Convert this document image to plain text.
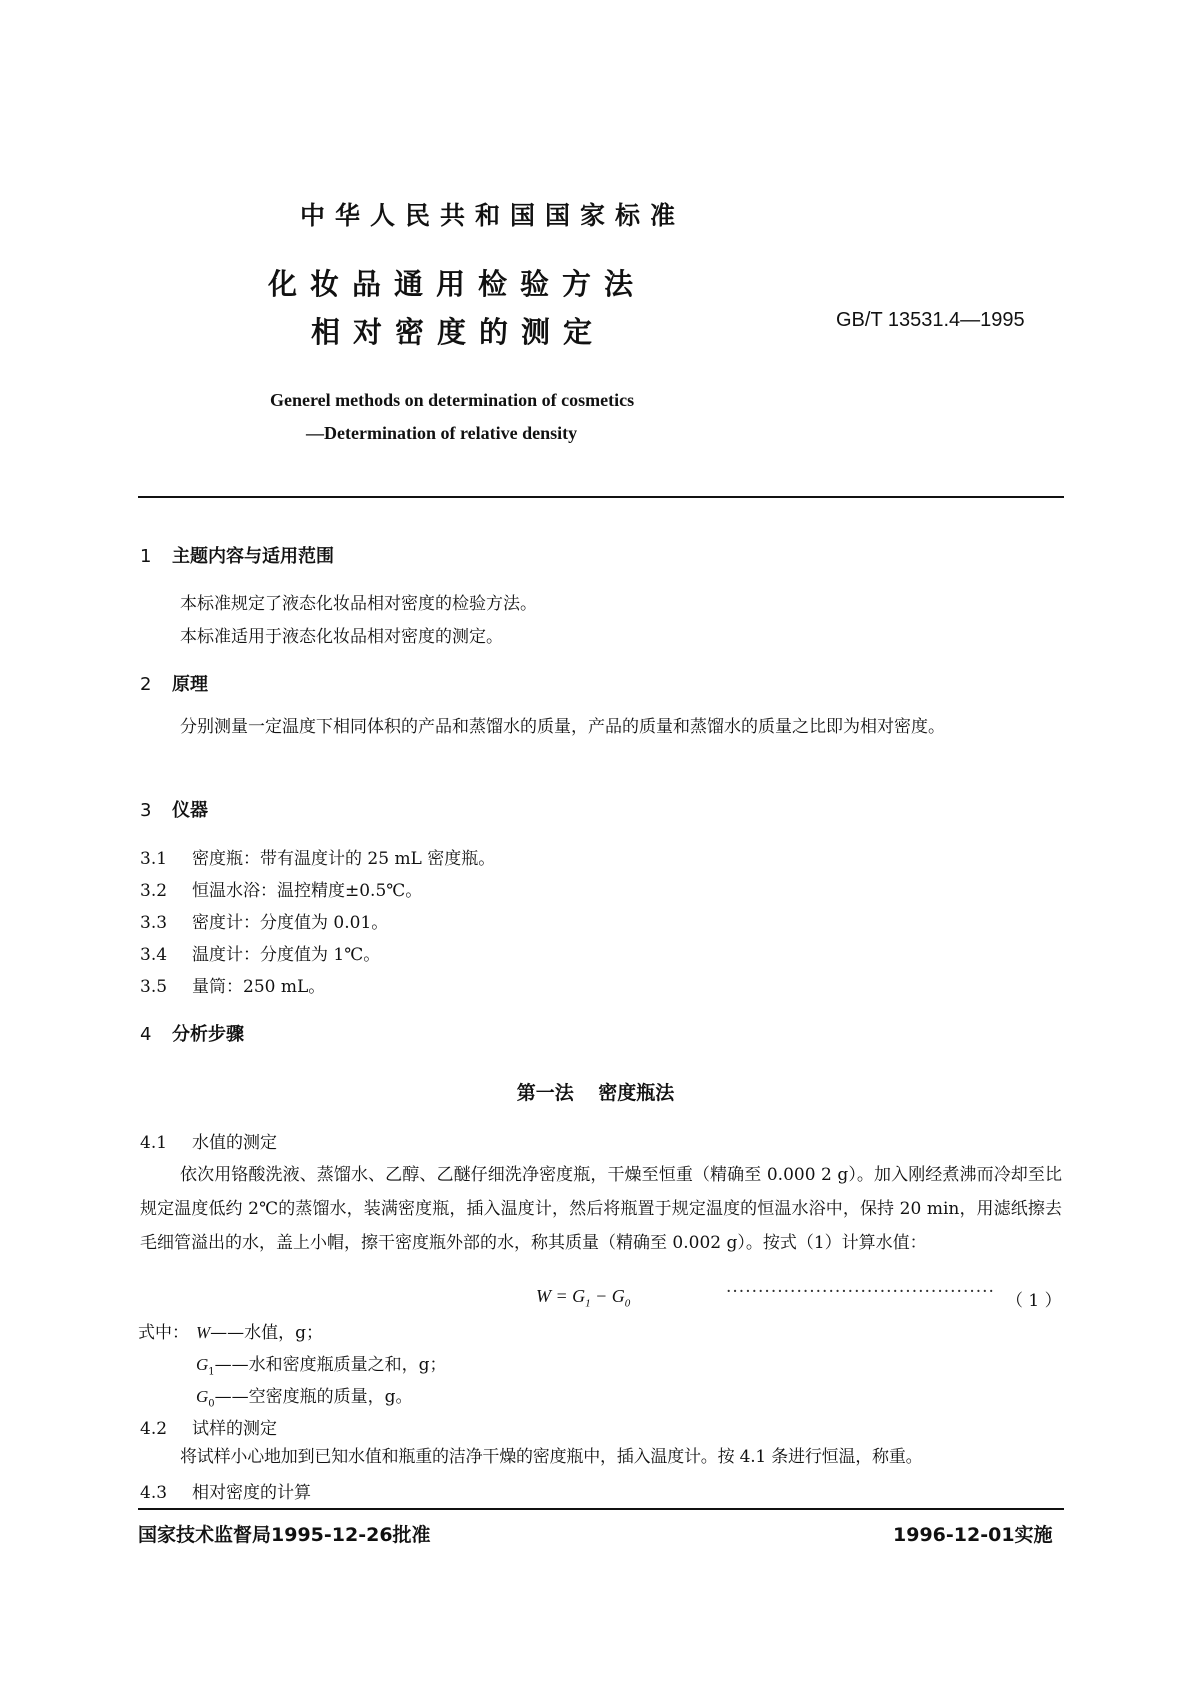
中华人民共和国国家标准
化妆品通用检验方法
相对密度的测定	GB/T 13531.4—1995
Generel methods on determination of cosmetics
—Determination of relative density
1 主题内容与适用范围
本标准规定了液态化妆品相对密度的检验方法。
本标准适用于液态化妆品相对密度的测定。
2 原理
分别测量一定温度下相同体积的产品和蒸馏水的质量，产品的质量和蒸馏水的质量之比即为相对密度。
3 仪器
3.1 密度瓶：带有温度计的 25 mL 密度瓶。
3.2 恒温水浴：温控精度±0.5℃。
3.3 密度计：分度值为 0.01。
3.4 温度计：分度值为 1℃。
3.5 量筒：250 mL。
4 分析步骤
第一法 密度瓶法
4.1 水值的测定
依次用铬酸洗液、蒸馏水、乙醇、乙醚仔细洗净密度瓶，干燥至恒重（精确至 0.000 2 g）。加入刚经煮沸而冷却至比规定温度低约 2℃的蒸馏水，装满密度瓶，插入温度计，然后将瓶置于规定温度的恒温水浴中，保持 20 min，用滤纸擦去毛细管溢出的水，盖上小帽，擦干密度瓶外部的水，称其质量（精确至 0.002 g）。按式（1）计算水值：
$W = G_1 - G_0$
·········································· （ 1 ）
式中： W——水值，g；
$G_1——$水和密度瓶质量之和，g；
$G_0——$空密度瓶的质量，g。
4.2 试样的测定
将试样小心地加到已知水值和瓶重的洁净干燥的密度瓶中，插入温度计。按 4.1 条进行恒温，称重。
4.3 相对密度的计算
国家技术监督局1995-12-26批准	1996-12-01实施
